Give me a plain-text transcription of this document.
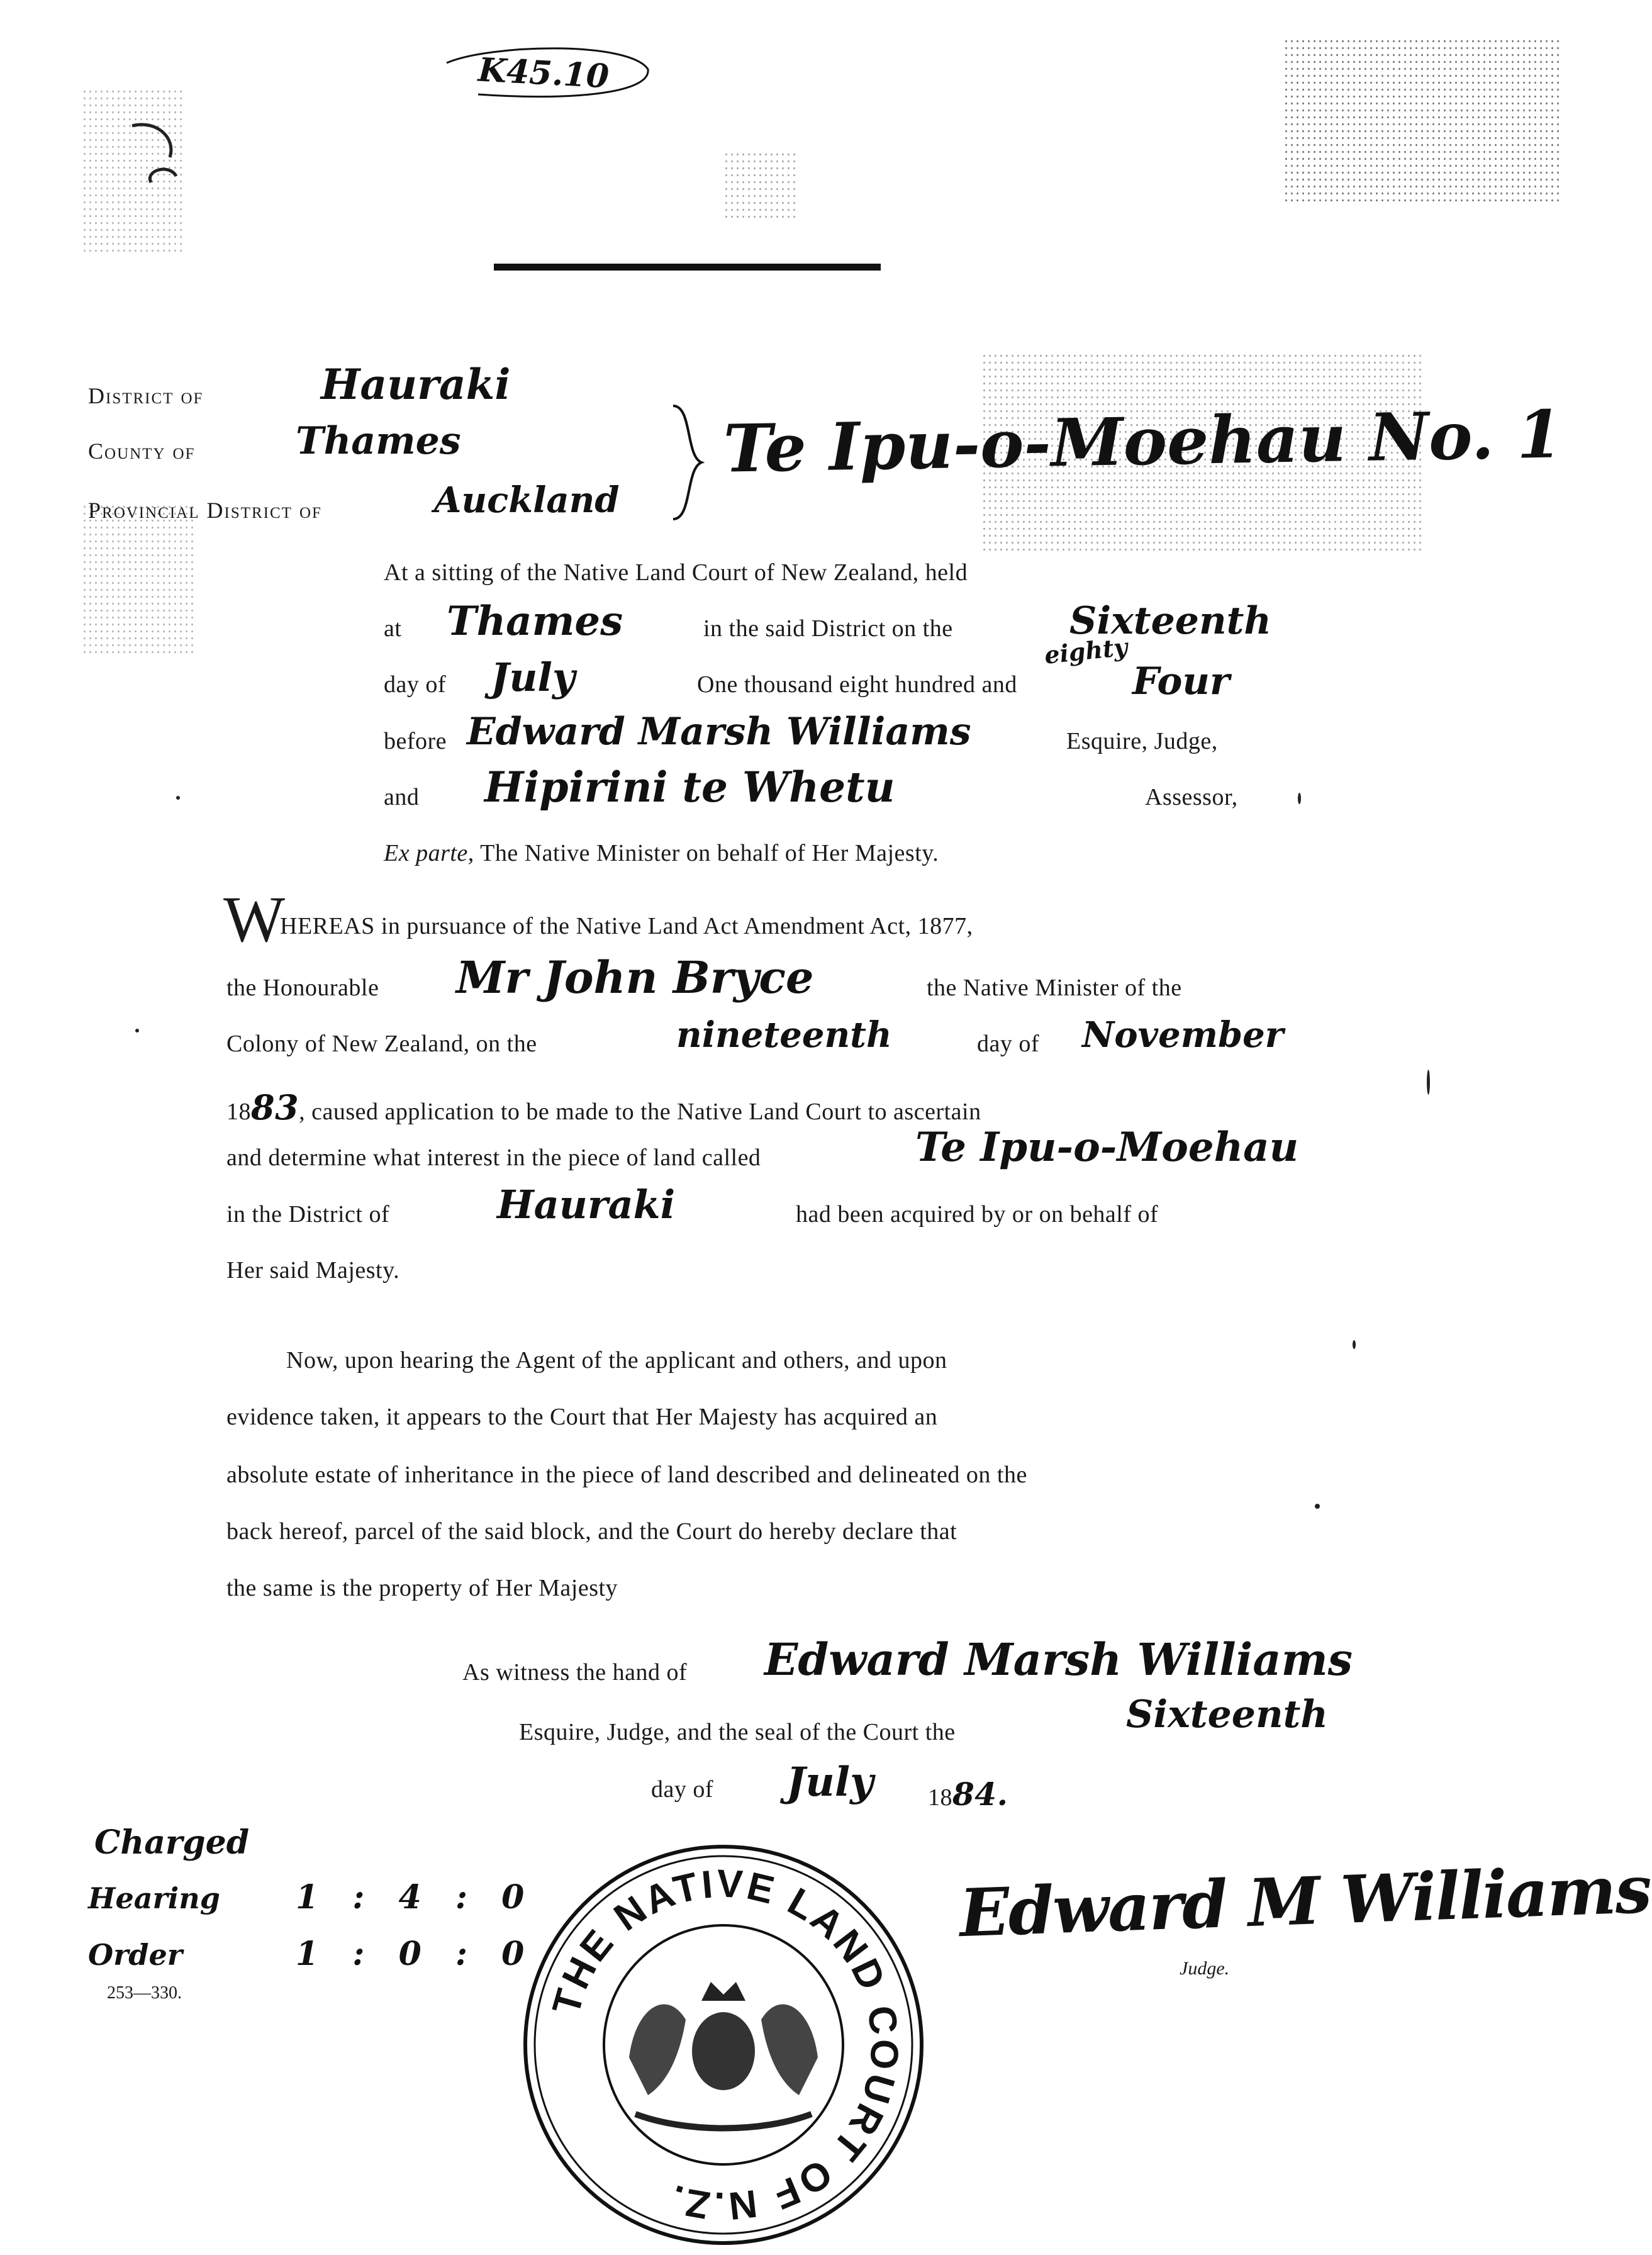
K45.10
District of	Hauraki
County of	Thames
Provincial District of	Auckland
Te Ipu-o-Moehau No. 1
At a sitting of the Native Land Court of New Zealand, held
at Thames	in the said District on the	Sixteenth
day of July	One thousand eight hundred and
eighty
Four
before Edward Marsh Williams	Esquire, Judge,
and Hipirini te Whetu	Assessor,
Ex parte, The Native Minister on behalf of Her Majesty.
W
HEREAS in pursuance of the Native Land Act Amendment Act, 1877,
the Honourable Mr John Bryce	the Native Minister of the
Colony of New Zealand, on the	nineteenth	day of November
1883, caused application to be made to the Native Land Court to ascertain
and determine what interest in the piece of land called	Te Ipu-o-Moehau
in the District of	Hauraki	had been acquired by or on behalf of
Her said Majesty.
Now, upon hearing the Agent of the applicant and others, and upon
evidence taken, it appears to the Court that Her Majesty has acquired an
absolute estate of inheritance in the piece of land described and delineated on the
back hereof, parcel of the said block, and the Court do hereby declare that
the same is the property of Her Majesty
As witness the hand of Edward Marsh Williams
Esquire, Judge, and the seal of the Court the	Sixteenth
day of July 1884.
Charged
Hearing 1 : 4 : 0
Order	1 : 0 : 0
253—330.	THE NATIVE LAND COURT OF N.Z.
Edward M Williams
Judge.
